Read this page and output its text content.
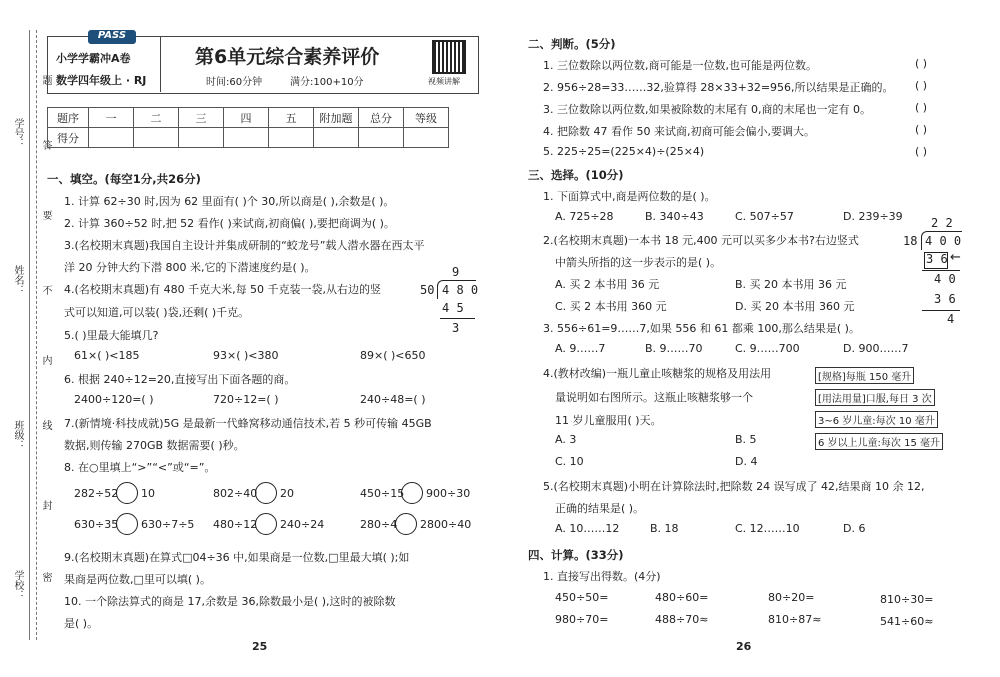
学号： 答
题
姓名：
要
不
内
班级： 线
封
学校： 密
PASS
小学学霸冲A卷
数学四年级上 · RJ
第6单元综合素养评价
时间:60分钟	满分:100+10分	视频讲解
题序	一	二	三	四	五	附加题	总分	等级
得分								
一、填空。(每空1分,共26分)
1. 计算 62÷30 时,因为 62 里面有( )个 30,所以商是( ),余数是( )。
2. 计算 360÷52 时,把 52 看作( )来试商,初商偏( ),要把商调为( )。
3.(名校期末真题)我国自主设计并集成研制的“蛟龙号”载人潜水器在西太平
洋 20 分钟大约下潜 800 米,它的下潜速度约是( )。
4.(名校期末真题)有 480 千克大米,每 50 千克装一袋,从右边的竖
式可以知道,可以装( )袋,还剩( )千克。
9
50 4 8 0
4 5
3
5.( )里最大能填几?
61×( )<185	93×( )<380	89×( )<650
6. 根据 240÷12=20,直接写出下面各题的商。
2400÷120=( )	720÷12=( )	240÷48=( )
7.(新情境·科技成就)5G 是最新一代蜂窝移动通信技术,若 5 秒可传输 45GB
数据,则传输 270GB 数据需要( )秒。
8. 在○里填上“>”“<”或“=”。
282÷52 10	802÷40 20	450÷15 900÷30
630÷35 630÷7÷5 480÷12 240÷24	280÷4 2800÷40
9.(名校期末真题)在算式□04÷36 中,如果商是一位数,□里最大填( );如
果商是两位数,□里可以填( )。
10. 一个除法算式的商是 17,余数是 36,除数最小是( ),这时的被除数
是( )。
25
二、判断。(5分)
1. 三位数除以两位数,商可能是一位数,也可能是两位数。
2. 956÷28=33……32,验算得 28×33+32=956,所以结果是正确的。
3. 三位数除以两位数,如果被除数的末尾有 0,商的末尾也一定有 0。
4. 把除数 47 看作 50 来试商,初商可能会偏小,要调大。
5. 225÷25=(225×4)÷(25×4)
( )
( )
( )
( )
( )
三、选择。(10分)
1. 下面算式中,商是两位数的是( )。
A. 725÷28	B. 340÷43	C. 507÷57	D. 239÷39
2.(名校期末真题)一本书 18 元,400 元可以买多少本书?右边竖式
中箭头所指的这一步表示的是( )。
A. 买 2 本书用 36 元	B. 买 20 本书用 36 元
C. 买 2 本书用 360 元	D. 买 20 本书用 360 元
2 2
18 4 0 0
3 6 ←
4 0
3 6
4
3. 556÷61=9……7,如果 556 和 61 都乘 100,那么结果是( )。
A. 9……7	B. 9……70	C. 9……700	D. 900……7
4.(教材改编)一瓶儿童止咳糖浆的规格及用法用
量说明如右图所示。这瓶止咳糖浆够一个
11 岁儿童服用( )天。
A. 3	B. 5
C. 10	D. 4
[规格]每瓶 150 毫升
[用法用量]口服,每日 3 次
3~6 岁儿童:每次 10 毫升
6 岁以上儿童:每次 15 毫升
5.(名校期末真题)小明在计算除法时,把除数 24 误写成了 42,结果商 10 余 12,
正确的结果是( )。
A. 10……12	B. 18	C. 12……10	D. 6
四、计算。(33分)
1. 直接写出得数。(4分)
450÷50=	480÷60=	80÷20=	810÷30=
980÷70=	488÷70≈	810÷87≈	541÷60≈
26
